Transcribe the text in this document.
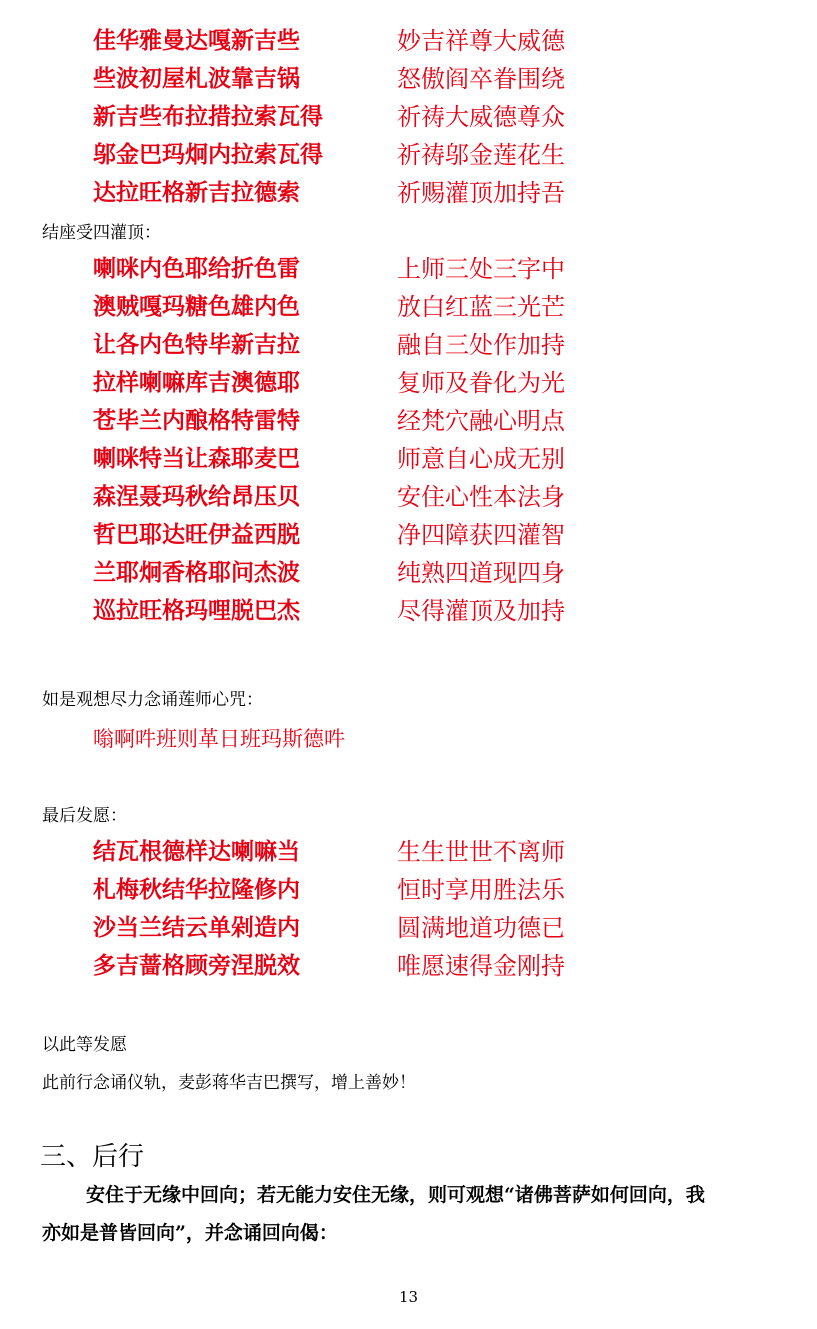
佳华雅曼达嘎新吉些	妙吉祥尊大威德
些波初屋札波靠吉锅	怒傲阎卒眷围绕
新吉些布拉措拉索瓦得	祈祷大威德尊众
邬金巴玛炯内拉索瓦得	祈祷邬金莲花生
达拉旺格新吉拉德索	祈赐灌顶加持吾
结座受四灌顶：
喇咪内色耶给折色雷	上师三处三字中
澳贼嘎玛糖色雄内色	放白红蓝三光芒
让各内色特毕新吉拉	融自三处作加持
拉样喇嘛库吉澳德耶	复师及眷化为光
苍毕兰内酿格特雷特	经梵穴融心明点
喇咪特当让森耶麦巴	师意自心成无别
森涅聂玛秋给昂压贝	安住心性本法身
哲巴耶达旺伊益西脱	净四障获四灌智
兰耶炯香格耶问杰波	纯熟四道现四身
巡拉旺格玛哩脱巴杰	尽得灌顶及加持
如是观想尽力念诵莲师心咒：
嗡啊吽班则革日班玛斯德吽
最后发愿：
结瓦根德样达喇嘛当	生生世世不离师
札梅秋结华拉隆修内	恒时享用胜法乐
沙当兰结云单剁造内	圆满地道功德已
多吉蔷格顾旁涅脱效	唯愿速得金刚持
以此等发愿
此前行念诵仪轨，麦彭蒋华吉巴撰写，增上善妙！
三、后行
安住于无缘中回向；若无能力安住无缘，则可观想“诸佛菩萨如何回向，我
亦如是普皆回向”，并念诵回向偈：
13
